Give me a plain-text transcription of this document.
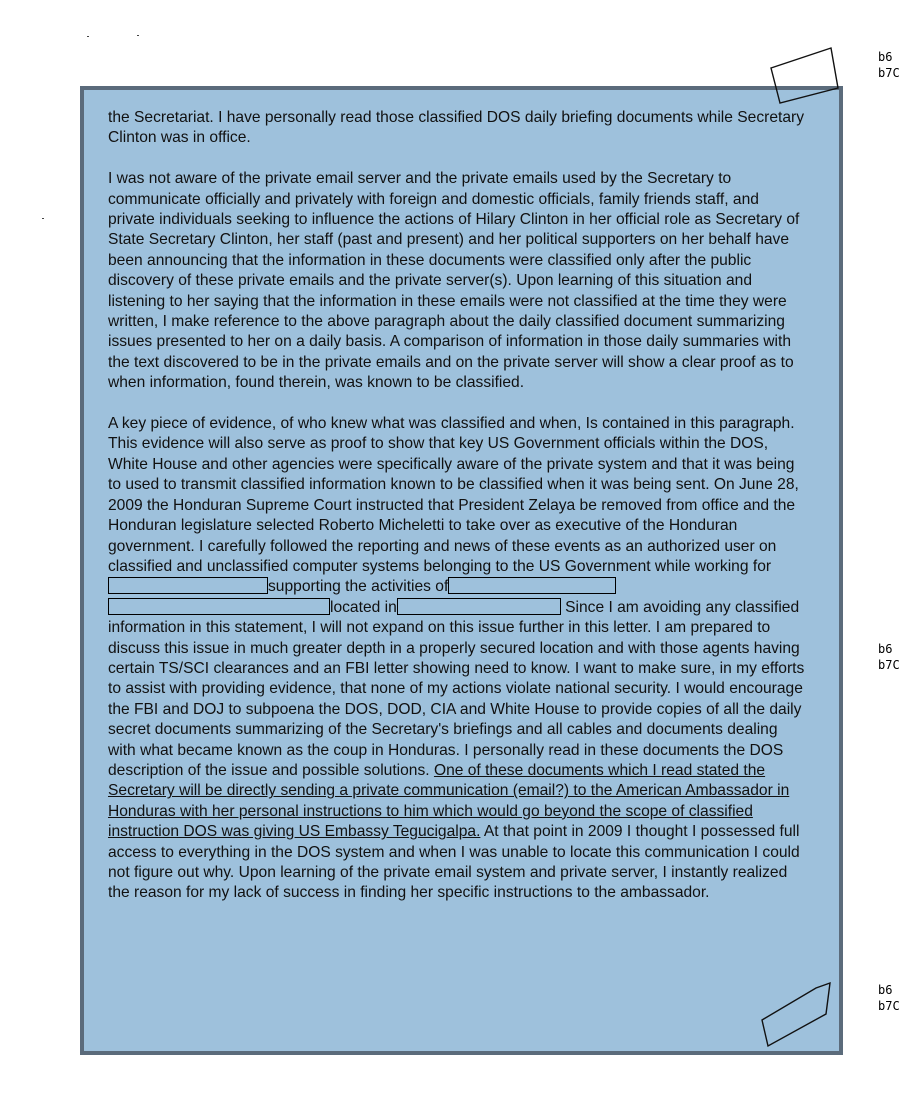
the Secretariat. I have personally read those classified DOS daily briefing documents while Secretary Clinton was in office.

I was not aware of the private email server and the private emails used by the Secretary to communicate officially and privately with foreign and domestic officials, family friends staff, and private individuals seeking to influence the actions of Hilary Clinton in her official role as Secretary of State Secretary Clinton, her staff (past and present) and her political supporters on her behalf have been announcing that the information in these documents were classified only after the public discovery of these private emails and the private server(s). Upon learning of this situation and listening to her saying that the information in these emails were not classified at the time they were written, I make reference to the above paragraph about the daily classified document summarizing issues presented to her on a daily basis. A comparison of information in those daily summaries with the text discovered to be in the private emails and on the private server will show a clear proof as to when information, found therein, was known to be classified.

A key piece of evidence, of who knew what was classified and when, Is contained in this paragraph. This evidence will also serve as proof to show that key US Government officials within the DOS, White House and other agencies were specifically aware of the private system and that it was being to used to transmit classified information known to be classified when it was being sent. On June 28, 2009 the Honduran Supreme Court instructed that President Zelaya be removed from office and the Honduran legislature selected Roberto Micheletti to take over as executive of the Honduran government. I carefully followed the reporting and news of these events as an authorized user on classified and unclassified computer systems belonging to the US Government while working forsupporting the activities of located in	Since I am avoiding any classified information in this statement, I will not expand on this issue further in this letter. I am prepared to discuss this issue in much greater depth in a properly secured location and with those agents having certain TS/SCI clearances and an FBI letter showing need to know. I want to make sure, in my efforts to assist with providing evidence, that none of my actions violate national security. I would encourage the FBI and DOJ to subpoena the DOS, DOD, CIA and White House to provide copies of all the daily secret documents summarizing of the Secretary's briefings and all cables and documents dealing with what became known as the coup in Honduras. I personally read in these documents the DOS description of the issue and possible solutions. One of these documents which I read stated the Secretary will be directly sending a private communication (email?) to the American Ambassador in Honduras with her personal instructions to him which would go beyond the scope of classified instruction DOS was giving US Embassy Tegucigalpa. At that point in 2009 I thought I possessed full access to everything in the DOS system and when I was unable to locate this communication I could not figure out why. Upon learning of the private email system and private server, I instantly realized the reason for my lack of success in finding her specific instructions to the ambassador.

b6
b7C
b6
b7C
b6
b7C
